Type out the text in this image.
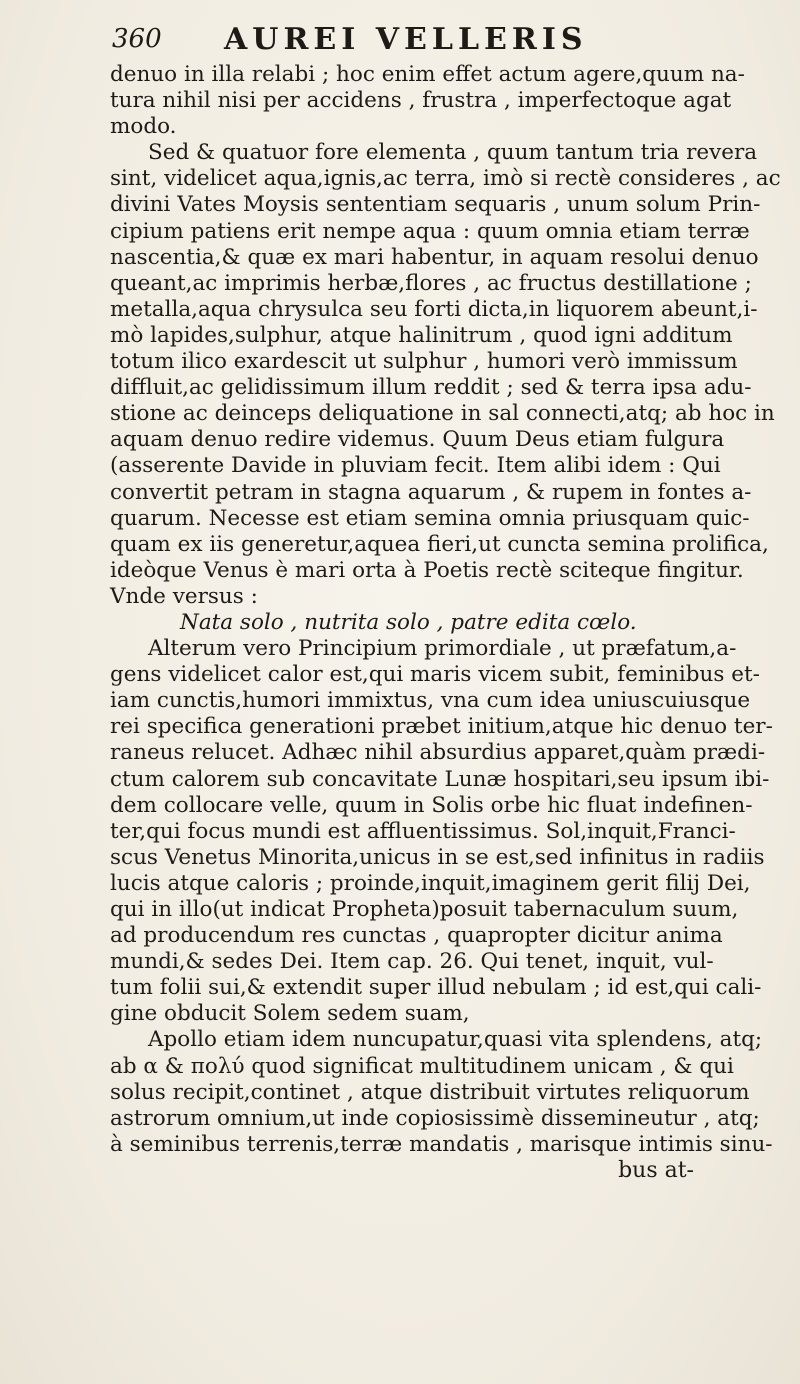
360 AUREI VELLERIS
denuo in illa relabi ; hoc enim effet actum agere,quum na-
tura nihil nisi per accidens , frustra , imperfectoque agat
modo.
Sed & quatuor fore elementa , quum tantum tria revera
sint, videlicet aqua,ignis,ac terra, imò si rectè consideres , ac
divini Vates Moysis sententiam sequaris , unum solum Prin-
cipium patiens erit nempe aqua : quum omnia etiam terræ
nascentia,& quæ ex mari habentur, in aquam resolui denuo
queant,ac imprimis herbæ,flores , ac fructus destillatione ;
metalla,aqua chrysulca seu forti dicta,in liquorem abeunt,i-
mò lapides,sulphur, atque halinitrum , quod igni additum
totum ilico exardescit ut sulphur , humori verò immissum
diffluit,ac gelidissimum illum reddit ; sed & terra ipsa adu-
stione ac deinceps deliquatione in sal connecti,atq; ab hoc in
aquam denuo redire videmus. Quum Deus etiam fulgura
(asserente Davide in pluviam fecit. Item alibi idem : Qui
convertit petram in stagna aquarum , & rupem in fontes a-
quarum. Necesse est etiam semina omnia priusquam quic-
quam ex iis generetur,aquea fieri,ut cuncta semina prolifica,
ideòque Venus è mari orta à Poetis rectè sciteque fingitur.
Vnde versus :
Nata solo , nutrita solo , patre edita cœlo.
Alterum vero Principium primordiale , ut præfatum,a-
gens videlicet calor est,qui maris vicem subit, feminibus et-
iam cunctis,humori immixtus, vna cum idea uniuscuiusque
rei specifica generationi præbet initium,atque hic denuo ter-
raneus relucet. Adhæc nihil absurdius apparet,quàm prædi-
ctum calorem sub concavitate Lunæ hospitari,seu ipsum ibi-
dem collocare velle, quum in Solis orbe hic fluat indefinen-
ter,qui focus mundi est affluentissimus. Sol,inquit,Franci-
scus Venetus Minorita,unicus in se est,sed infinitus in radiis
lucis atque caloris ; proinde,inquit,imaginem gerit filij Dei,
qui in illo(ut indicat Propheta)posuit tabernaculum suum,
ad producendum res cunctas , quapropter dicitur anima
mundi,& sedes Dei. Item cap. 26. Qui tenet, inquit, vul-
tum folii sui,& extendit super illud nebulam ; id est,qui cali-
gine obducit Solem sedem suam,
Apollo etiam idem nuncupatur,quasi vita splendens, atq;
ab α & πολύ quod significat multitudinem unicam , & qui
solus recipit,continet , atque distribuit virtutes reliquorum
astrorum omnium,ut inde copiosissimè dissemineutur , atq;
à seminibus terrenis,terræ mandatis , marisque intimis sinu-
bus at-
